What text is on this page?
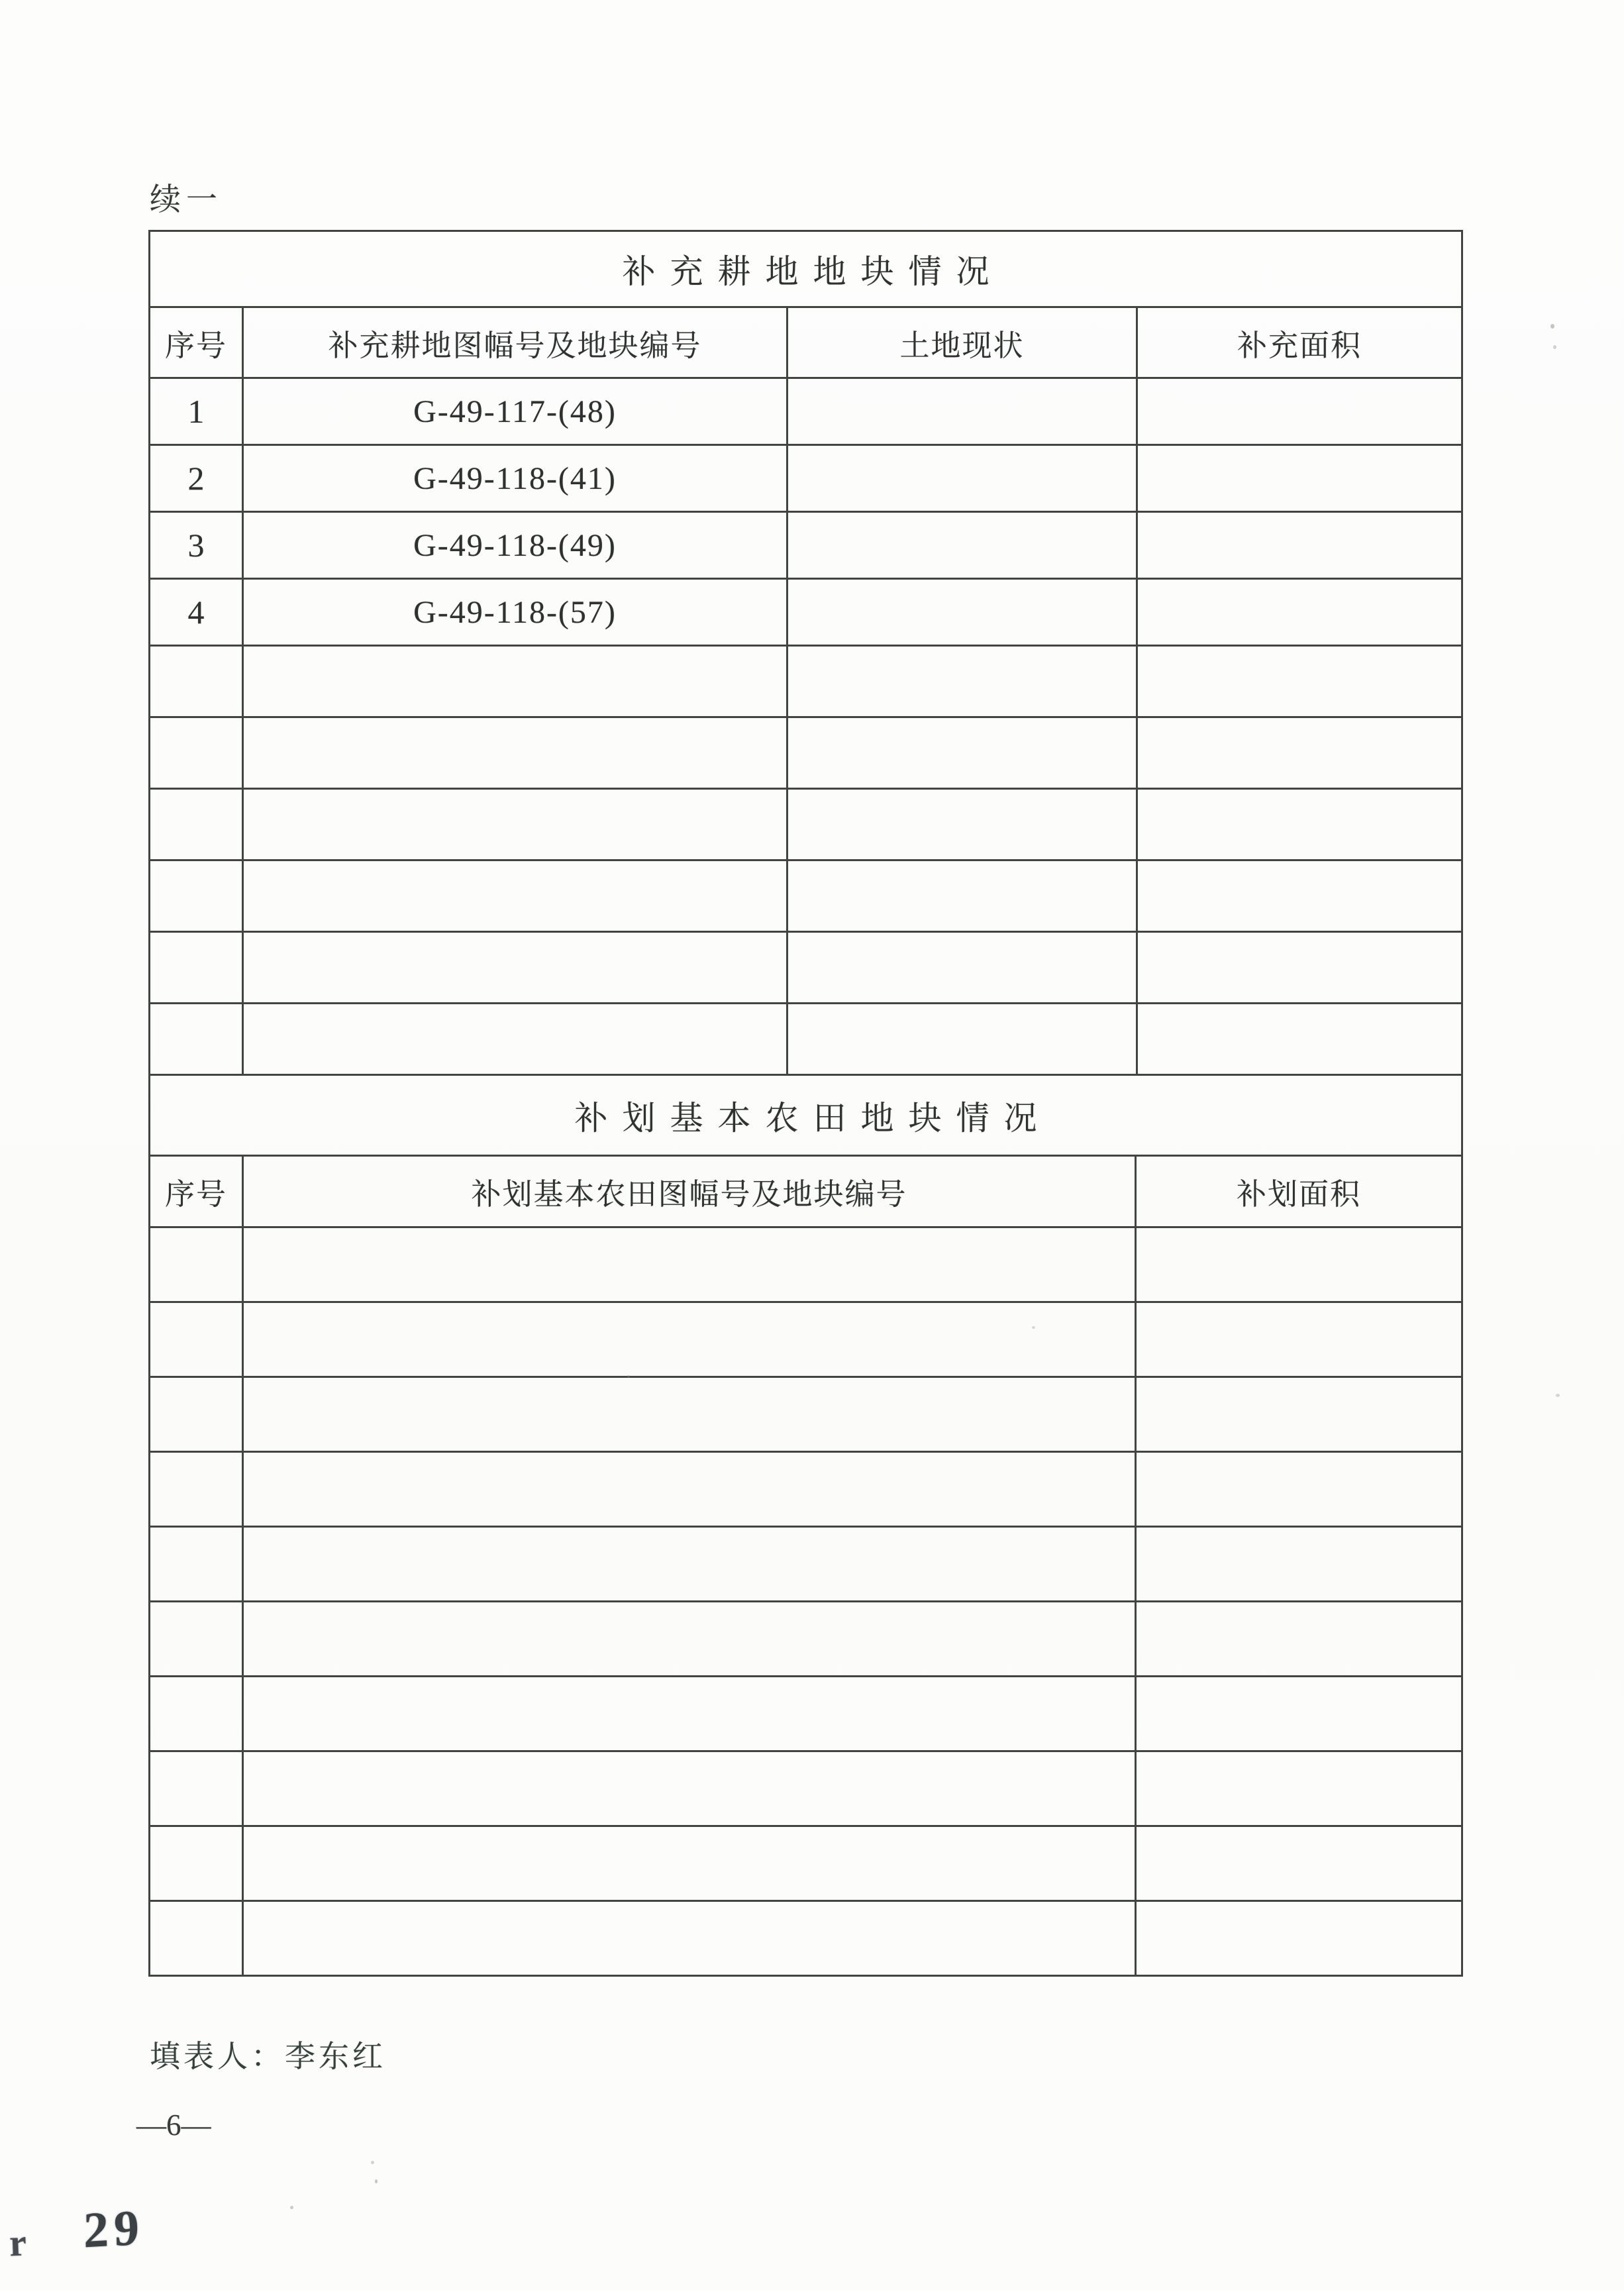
续一
补充耕地地块情况			
序号	补充耕地图幅号及地块编号	土地现状	补充面积
1	G-49-117-(48)		
2	G-49-118-(41)		
3	G-49-118-(49)		
4	G-49-118-(57)		

补划基本农田地块情况		
序号	补划基本农田图幅号及地块编号	补划面积

填表人：李东红
—6—
29
r
